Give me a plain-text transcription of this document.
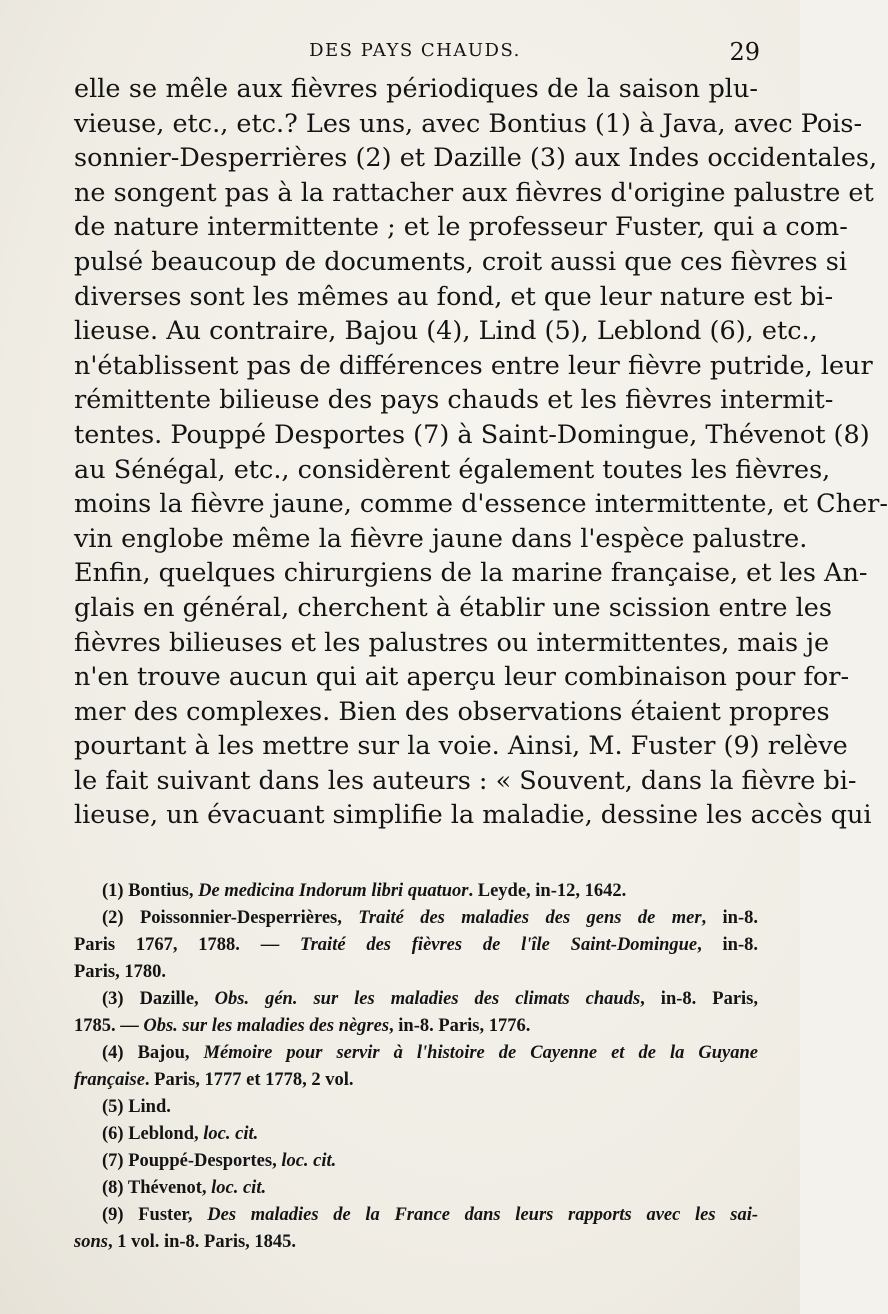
DES PAYS CHAUDS.	29
elle se mêle aux fièvres périodiques de la saison plu-
vieuse, etc., etc.? Les uns, avec Bontius (1) à Java, avec Pois-
sonnier-Desperrières (2) et Dazille (3) aux Indes occidentales,
ne songent pas à la rattacher aux fièvres d'origine palustre et
de nature intermittente ; et le professeur Fuster, qui a com-
pulsé beaucoup de documents, croit aussi que ces fièvres si
diverses sont les mêmes au fond, et que leur nature est bi-
lieuse. Au contraire, Bajou (4), Lind (5), Leblond (6), etc.,
n'établissent pas de différences entre leur fièvre putride, leur
rémittente bilieuse des pays chauds et les fièvres intermit-
tentes. Pouppé Desportes (7) à Saint-Domingue, Thévenot (8)
au Sénégal, etc., considèrent également toutes les fièvres,
moins la fièvre jaune, comme d'essence intermittente, et Cher-
vin englobe même la fièvre jaune dans l'espèce palustre.
Enfin, quelques chirurgiens de la marine française, et les An-
glais en général, cherchent à établir une scission entre les
fièvres bilieuses et les palustres ou intermittentes, mais je
n'en trouve aucun qui ait aperçu leur combinaison pour for-
mer des complexes. Bien des observations étaient propres
pourtant à les mettre sur la voie. Ainsi, M. Fuster (9) relève
le fait suivant dans les auteurs : « Souvent, dans la fièvre bi-
lieuse, un évacuant simplifie la maladie, dessine les accès qui
(1) Bontius, De medicina Indorum libri quatuor. Leyde, in-12, 1642.
(2) Poissonnier-Desperrières, Traité des maladies des gens de mer, in-8.
Paris 1767, 1788. — Traité des fièvres de l'île Saint-Domingue, in-8.
Paris, 1780.
(3) Dazille, Obs. gén. sur les maladies des climats chauds, in-8. Paris,
1785. — Obs. sur les maladies des nègres, in-8. Paris, 1776.
(4) Bajou, Mémoire pour servir à l'histoire de Cayenne et de la Guyane
française. Paris, 1777 et 1778, 2 vol.
(5) Lind.
(6) Leblond, loc. cit.
(7) Pouppé-Desportes, loc. cit.
(8) Thévenot, loc. cit.
(9) Fuster, Des maladies de la France dans leurs rapports avec les sai-
sons, 1 vol. in-8. Paris, 1845.
